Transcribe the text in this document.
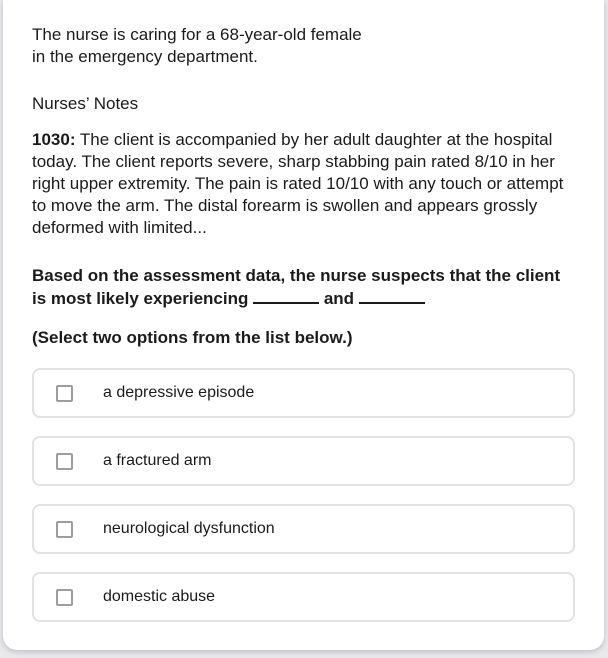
The nurse is caring for a 68-year-old female
in the emergency department.
Nurses’ Notes
1030: The client is accompanied by her adult daughter at the hospital today. The client reports severe, sharp stabbing pain rated 8/10 in her right upper extremity. The pain is rated 10/10 with any touch or attempt to move the arm. The distal forearm is swollen and appears grossly deformed with limited...
Based on the assessment data, the nurse suspects that the client is most likely experiencing	and
(Select two options from the list below.)
a depressive episode
a fractured arm
neurological dysfunction
domestic abuse
